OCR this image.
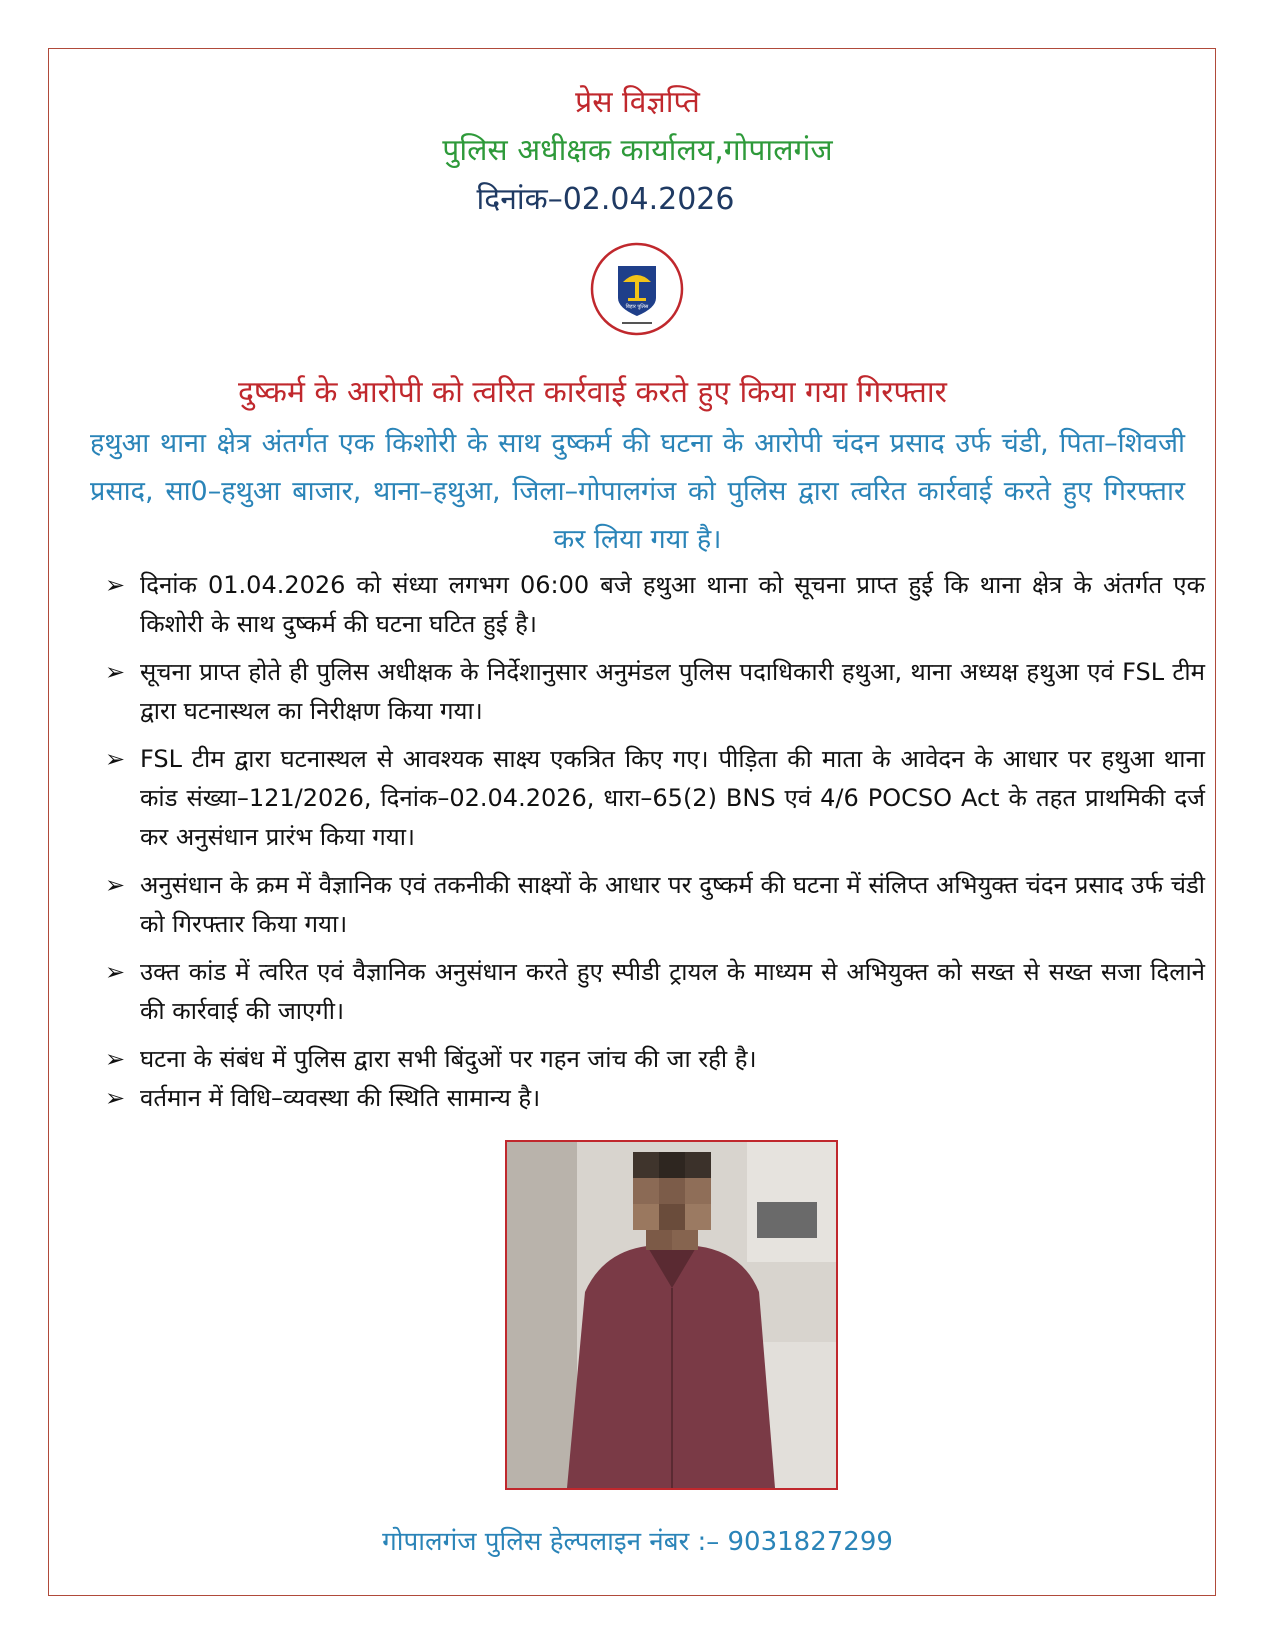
प्रेस विज्ञप्ति
पुलिस अधीक्षक कार्यालय,गोपालगंज
दिनांक–02.04.2026
बिहार पुलिस
दुष्कर्म के आरोपी को त्वरित कार्रवाई करते हुए किया गया गिरफ्तार
हथुआ थाना क्षेत्र अंतर्गत एक किशोरी के साथ दुष्कर्म की घटना के आरोपी चंदन प्रसाद उर्फ चंडी, पिता–शिवजी प्रसाद, सा0–हथुआ बाजार, थाना–हथुआ, जिला–गोपालगंज को पुलिस द्वारा त्वरित कार्रवाई करते हुए गिरफ्तार कर लिया गया है।
➢ दिनांक 01.04.2026 को संध्या लगभग 06:00 बजे हथुआ थाना को सूचना प्राप्त हुई कि थाना क्षेत्र के अंतर्गत एक किशोरी के साथ दुष्कर्म की घटना घटित हुई है।
➢ सूचना प्राप्त होते ही पुलिस अधीक्षक के निर्देशानुसार अनुमंडल पुलिस पदाधिकारी हथुआ, थाना अध्यक्ष हथुआ एवं FSL टीम द्वारा घटनास्थल का निरीक्षण किया गया।
➢ FSL टीम द्वारा घटनास्थल से आवश्यक साक्ष्य एकत्रित किए गए। पीड़िता की माता के आवेदन के आधार पर हथुआ थाना कांड संख्या–121/2026, दिनांक–02.04.2026, धारा–65(2) BNS एवं 4/6 POCSO Act के तहत प्राथमिकी दर्ज कर अनुसंधान प्रारंभ किया गया।
➢ अनुसंधान के क्रम में वैज्ञानिक एवं तकनीकी साक्ष्यों के आधार पर दुष्कर्म की घटना में संलिप्त अभियुक्त चंदन प्रसाद उर्फ चंडी को गिरफ्तार किया गया।
➢ उक्त कांड में त्वरित एवं वैज्ञानिक अनुसंधान करते हुए स्पीडी ट्रायल के माध्यम से अभियुक्त को सख्त से सख्त सजा दिलाने की कार्रवाई की जाएगी।
➢ घटना के संबंध में पुलिस द्वारा सभी बिंदुओं पर गहन जांच की जा रही है।
➢ वर्तमान में विधि–व्यवस्था की स्थिति सामान्य है।
गोपालगंज पुलिस हेल्पलाइन नंबर :– 9031827299
